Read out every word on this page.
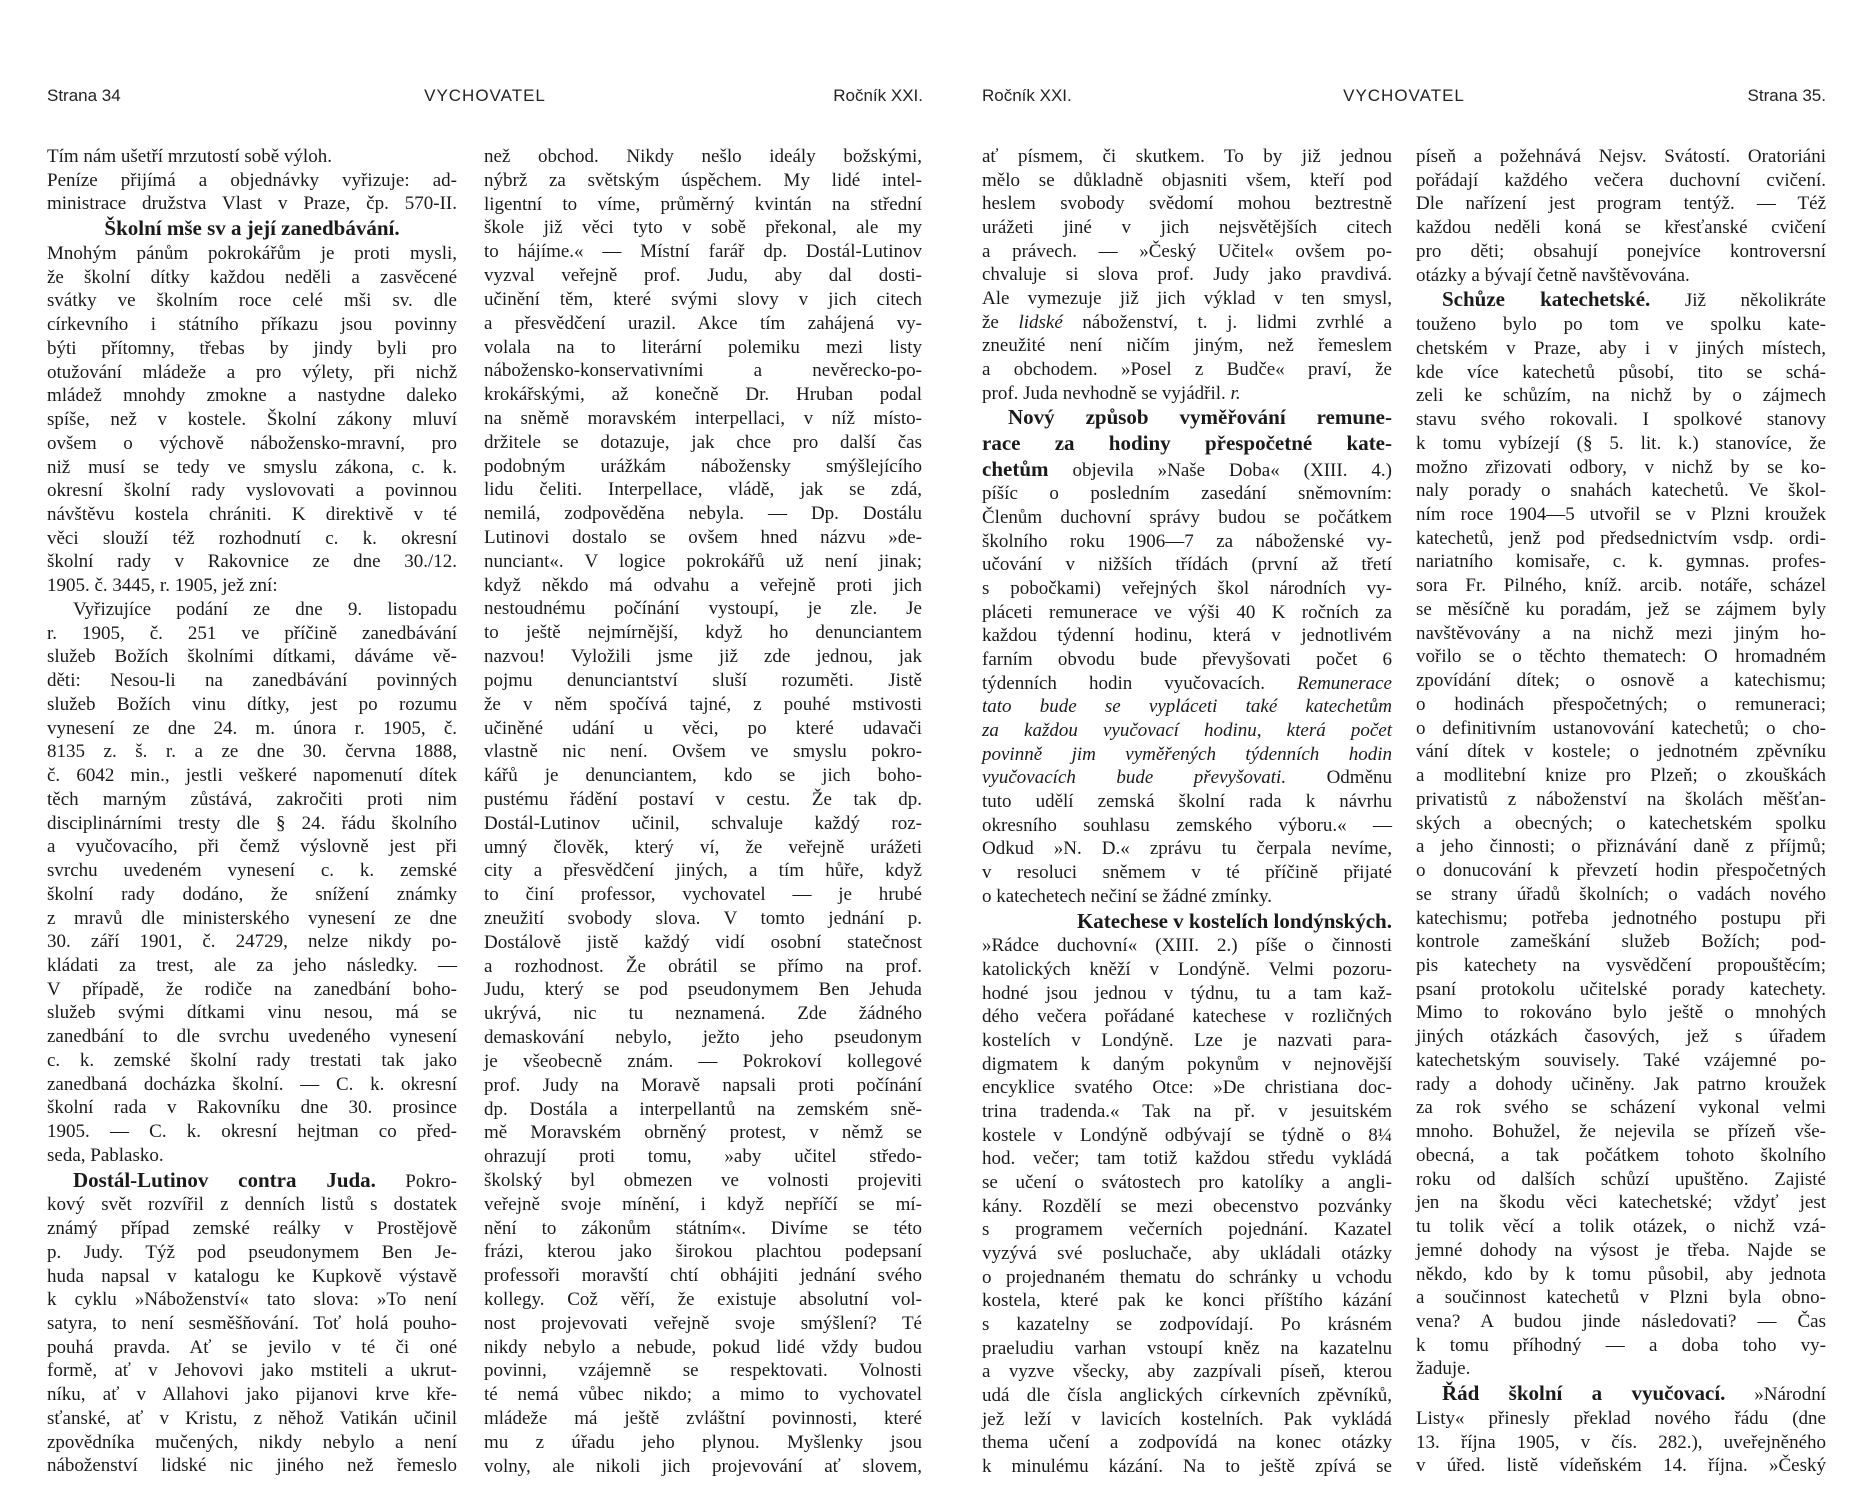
Strana 34	VYCHOVATEL	Ročník XXI.	Ročník XXI.	VYCHOVATEL	Strana 35.
Tím nám ušetří mrzutostí sobě výloh.
Peníze přijímá a objednávky vyřizuje: ad-
ministrace družstva Vlast v Praze, čp. 570-II.
Školní mše sv a její zanedbávání.
Mnohým pánům pokrokářům je proti mysli,
že školní dítky každou neděli a zasvěcené
svátky ve školním roce celé mši sv. dle
církevního i státního příkazu jsou povinny
býti přítomny, třebas by jindy byli pro
otužování mládeže a pro výlety, při nichž
mládež mnohdy zmokne a nastydne daleko
spíše, než v kostele. Školní zákony mluví
ovšem o výchově nábožensko-mravní, pro
niž musí se tedy ve smyslu zákona, c. k.
okresní školní rady vyslovovati a povinnou
návštěvu kostela chrániti. K direktivě v té
věci slouží též rozhodnutí c. k. okresní
školní rady v Rakovnice ze dne 30./12.
1905. č. 3445, r. 1905, jež zní:
Vyřizujíce podání ze dne 9. listopadu
r. 1905, č. 251 ve příčině zanedbávání
služeb Božích školními dítkami, dáváme vě-
děti: Nesou-li na zanedbávání povinných
služeb Božích vinu dítky, jest po rozumu
vynesení ze dne 24. m. února r. 1905, č.
8135 z. š. r. a ze dne 30. června 1888,
č. 6042 min., jestli veškeré napomenutí dítek
těch marným zůstává, zakročiti proti nim
disciplinárními tresty dle § 24. řádu školního
a vyučovacího, při čemž výslovně jest při
svrchu uvedeném vynesení c. k. zemské
školní rady dodáno, že snížení známky
z mravů dle ministerského vynesení ze dne
30. září 1901, č. 24729, nelze nikdy po-
kládati za trest, ale za jeho následky. —
V případě, že rodiče na zanedbání boho-
služeb svými dítkami vinu nesou, má se
zanedbání to dle svrchu uvedeného vynesení
c. k. zemské školní rady trestati tak jako
zanedbaná docházka školní. — C. k. okresní
školní rada v Rakovníku dne 30. prosince
1905. — C. k. okresní hejtman co před-
seda, Pablasko.
Dostál-Lutinov contra Juda. Pokro-
kový svět rozvířil z denních listů s dostatek
známý případ zemské reálky v Prostějově
p. Judy. Týž pod pseudonymem Ben Je-
huda napsal v katalogu ke Kupkově výstavě
k cyklu »Náboženství« tato slova: »To není
satyra, to není sesměšňování. Toť holá pouho-
pouhá pravda. Ať se jevilo v té či oné
formě, ať v Jehovovi jako mstiteli a ukrut-
níku, ať v Allahovi jako pijanovi krve kře-
sťanské, ať v Kristu, z něhož Vatikán učinil
zpovědníka mučených, nikdy nebylo a není
náboženství lidské nic jiného než řemeslo
než obchod. Nikdy nešlo ideály božskými,
nýbrž za světským úspěchem. My lidé intel-
ligentní to víme, průměrný kvintán na střední
škole již věci tyto v sobě překonal, ale my
to hájíme.« — Místní farář dp. Dostál-Lutinov
vyzval veřejně prof. Judu, aby dal dosti-
učinění těm, které svými slovy v jich citech
a přesvědčení urazil. Akce tím zahájená vy-
volala na to literární polemiku mezi listy
nábožensko-konservativními a nevěrecko-po-
krokářskými, až konečně Dr. Hruban podal
na sněmě moravském interpellaci, v níž místo-
držitele se dotazuje, jak chce pro další čas
podobným urážkám nábožensky smýšlejícího
lidu čeliti. Interpellace, vládě, jak se zdá,
nemilá, zodpověděna nebyla. — Dp. Dostálu
Lutinovi dostalo se ovšem hned názvu »de-
nunciant«. V logice pokrokářů už není jinak;
když někdo má odvahu a veřejně proti jich
nestoudnému počínání vystoupí, je zle. Je
to ještě nejmírnější, když ho denunciantem
nazvou! Vyložili jsme již zde jednou, jak
pojmu denunciantství sluší rozuměti. Jistě
že v něm spočívá tajné, z pouhé mstivosti
učiněné udání u věci, po které udavači
vlastně nic není. Ovšem ve smyslu pokro-
kářů je denunciantem, kdo se jich boho-
pustému řádění postaví v cestu. Že tak dp.
Dostál-Lutinov učinil, schvaluje každý roz-
umný člověk, který ví, že veřejně urážeti
city a přesvědčení jiných, a tím hůře, když
to činí professor, vychovatel — je hrubé
zneužití svobody slova. V tomto jednání p.
Dostálově jistě každý vidí osobní statečnost
a rozhodnost. Že obrátil se přímo na prof.
Judu, který se pod pseudonymem Ben Jehuda
ukrývá, nic tu neznamená. Zde žádného
demaskování nebylo, ježto jeho pseudonym
je všeobecně znám. — Pokrokoví kollegové
prof. Judy na Moravě napsali proti počínání
dp. Dostála a interpellantů na zemském sně-
mě Moravském obrněný protest, v němž se
ohrazují proti tomu, »aby učitel středo-
školský byl obmezen ve volnosti projeviti
veřejně svoje mínění, i když nepříčí se mí-
nění to zákonům státním«. Divíme se této
frázi, kterou jako širokou plachtou podepsaní
professoři moravští chtí obhájiti jednání svého
kollegy. Což věří, že existuje absolutní vol-
nost projevovati veřejně svoje smýšlení? Té
nikdy nebylo a nebude, pokud lidé vždy budou
povinni, vzájemně se respektovati. Volnosti
té nemá vůbec nikdo; a mimo to vychovatel
mládeže má ještě zvláštní povinnosti, které
mu z úřadu jeho plynou. Myšlenky jsou
volny, ale nikoli jich projevování ať slovem,
ať písmem, či skutkem. To by již jednou
mělo se důkladně objasniti všem, kteří pod
heslem svobody svědomí mohou beztrestně
urážeti jiné v jich nejsvětějších citech
a právech. — »Český Učitel« ovšem po-
chvaluje si slova prof. Judy jako pravdivá.
Ale vymezuje již jich výklad v ten smysl,
že lidské náboženství, t. j. lidmi zvrhlé a
zneužité není ničím jiným, než řemeslem
a obchodem. »Posel z Budče« praví, že
prof. Juda nevhodně se vyjádřil. r.
Nový způsob vyměřování remune-
race za hodiny přespočetné kate-
chetům objevila »Naše Doba« (XIII. 4.)
píšíc o posledním zasedání sněmovním:
Členům duchovní správy budou se počátkem
školního roku 1906—7 za náboženské vy-
učování v nižších třídách (první až třetí
s pobočkami) veřejných škol národních vy-
pláceti remunerace ve výši 40 K ročních za
každou týdenní hodinu, která v jednotlivém
farním obvodu bude převyšovati počet 6
týdenních hodin vyučovacích. Remunerace
tato bude se vypláceti také katechetům
za každou vyučovací hodinu, která počet
povinně jim vyměřených týdenních hodin
vyučovacích bude převyšovati. Odměnu
tuto udělí zemská školní rada k návrhu
okresního souhlasu zemského výboru.« —
Odkud »N. D.« zprávu tu čerpala nevíme,
v resoluci sněmem v té příčině přijaté
o katechetech nečiní se žádné zmínky.
Katechese v kostelích londýnských.
»Rádce duchovní« (XIII. 2.) píše o činnosti
katolických kněží v Londýně. Velmi pozoru-
hodné jsou jednou v týdnu, tu a tam kaž-
dého večera pořádané katechese v rozličných
kostelích v Londýně. Lze je nazvati para-
digmatem k daným pokynům v nejnovější
encyklice svatého Otce: »De christiana doc-
trina tradenda.« Tak na př. v jesuitském
kostele v Londýně odbývají se týdně o 8¼
hod. večer; tam totiž každou středu vykládá
se učení o svátostech pro katolíky a angli-
kány. Rozdělí se mezi obecenstvo pozvánky
s programem večerních pojednání. Kazatel
vyzývá své posluchače, aby ukládali otázky
o projednaném thematu do schránky u vchodu
kostela, které pak ke konci příštího kázání
s kazatelny se zodpovídají. Po krásném
praeludiu varhan vstoupí kněz na kazatelnu
a vyzve všecky, aby zazpívali píseň, kterou
udá dle čísla anglických církevních zpěvníků,
jež leží v lavicích kostelních. Pak vykládá
thema učení a zodpovídá na konec otázky
k minulému kázání. Na to ještě zpívá se
píseň a požehnává Nejsv. Svátostí. Oratoriáni
pořádají každého večera duchovní cvičení.
Dle nařízení jest program tentýž. — Též
každou neděli koná se křesťanské cvičení
pro děti; obsahují ponejvíce kontroversní
otázky a bývají četně navštěvována.
Schůze katechetské. Již několikráte
touženo bylo po tom ve spolku kate-
chetském v Praze, aby i v jiných místech,
kde více katechetů působí, tito se schá-
zeli ke schůzím, na nichž by o zájmech
stavu svého rokovali. I spolkové stanovy
k tomu vybízejí (§ 5. lit. k.) stanovíce, že
možno zřizovati odbory, v nichž by se ko-
naly porady o snahách katechetů. Ve škol-
ním roce 1904—5 utvořil se v Plzni kroužek
katechetů, jenž pod předsednictvím vsdp. ordi-
nariatního komisaře, c. k. gymnas. profes-
sora Fr. Pilného, kníž. arcib. notáře, scházel
se měsíčně ku poradám, jež se zájmem byly
navštěvovány a na nichž mezi jiným ho-
vořilo se o těchto thematech: O hromadném
zpovídání dítek; o osnově a katechismu;
o hodinách přespočetných; o remuneraci;
o definitivním ustanovování katechetů; o cho-
vání dítek v kostele; o jednotném zpěvníku
a modlitební knize pro Plzeň; o zkouškách
privatistů z náboženství na školách měšťan-
ských a obecných; o katechetském spolku
a jeho činnosti; o přiznávání daně z příjmů;
o donucování k převzetí hodin přespočetných
se strany úřadů školních; o vadách nového
katechismu; potřeba jednotného postupu při
kontrole zameškání služeb Božích; pod-
pis katechety na vysvědčení propouštěcím;
psaní protokolu učitelské porady katechety.
Mimo to rokováno bylo ještě o mnohých
jiných otázkách časových, jež s úřadem
katechetským souvisely. Také vzájemné po-
rady a dohody učiněny. Jak patrno kroužek
za rok svého se scházení vykonal velmi
mnoho. Bohužel, že nejevila se přízeň vše-
obecná, a tak počátkem tohoto školního
roku od dalších schůzí upuštěno. Zajisté
jen na škodu věci katechetské; vždyť jest
tu tolik věcí a tolik otázek, o nichž vzá-
jemné dohody na výsost je třeba. Najde se
někdo, kdo by k tomu působil, aby jednota
a součinnost katechetů v Plzni byla obno-
vena? A budou jinde následovati? — Čas
k tomu příhodný — a doba toho vy-
žaduje.
Řád školní a vyučovací. »Národní
Listy« přinesly překlad nového řádu (dne
13. října 1905, v čís. 282.), uveřejněného
v úřed. listě vídeňském 14. října. »Český
